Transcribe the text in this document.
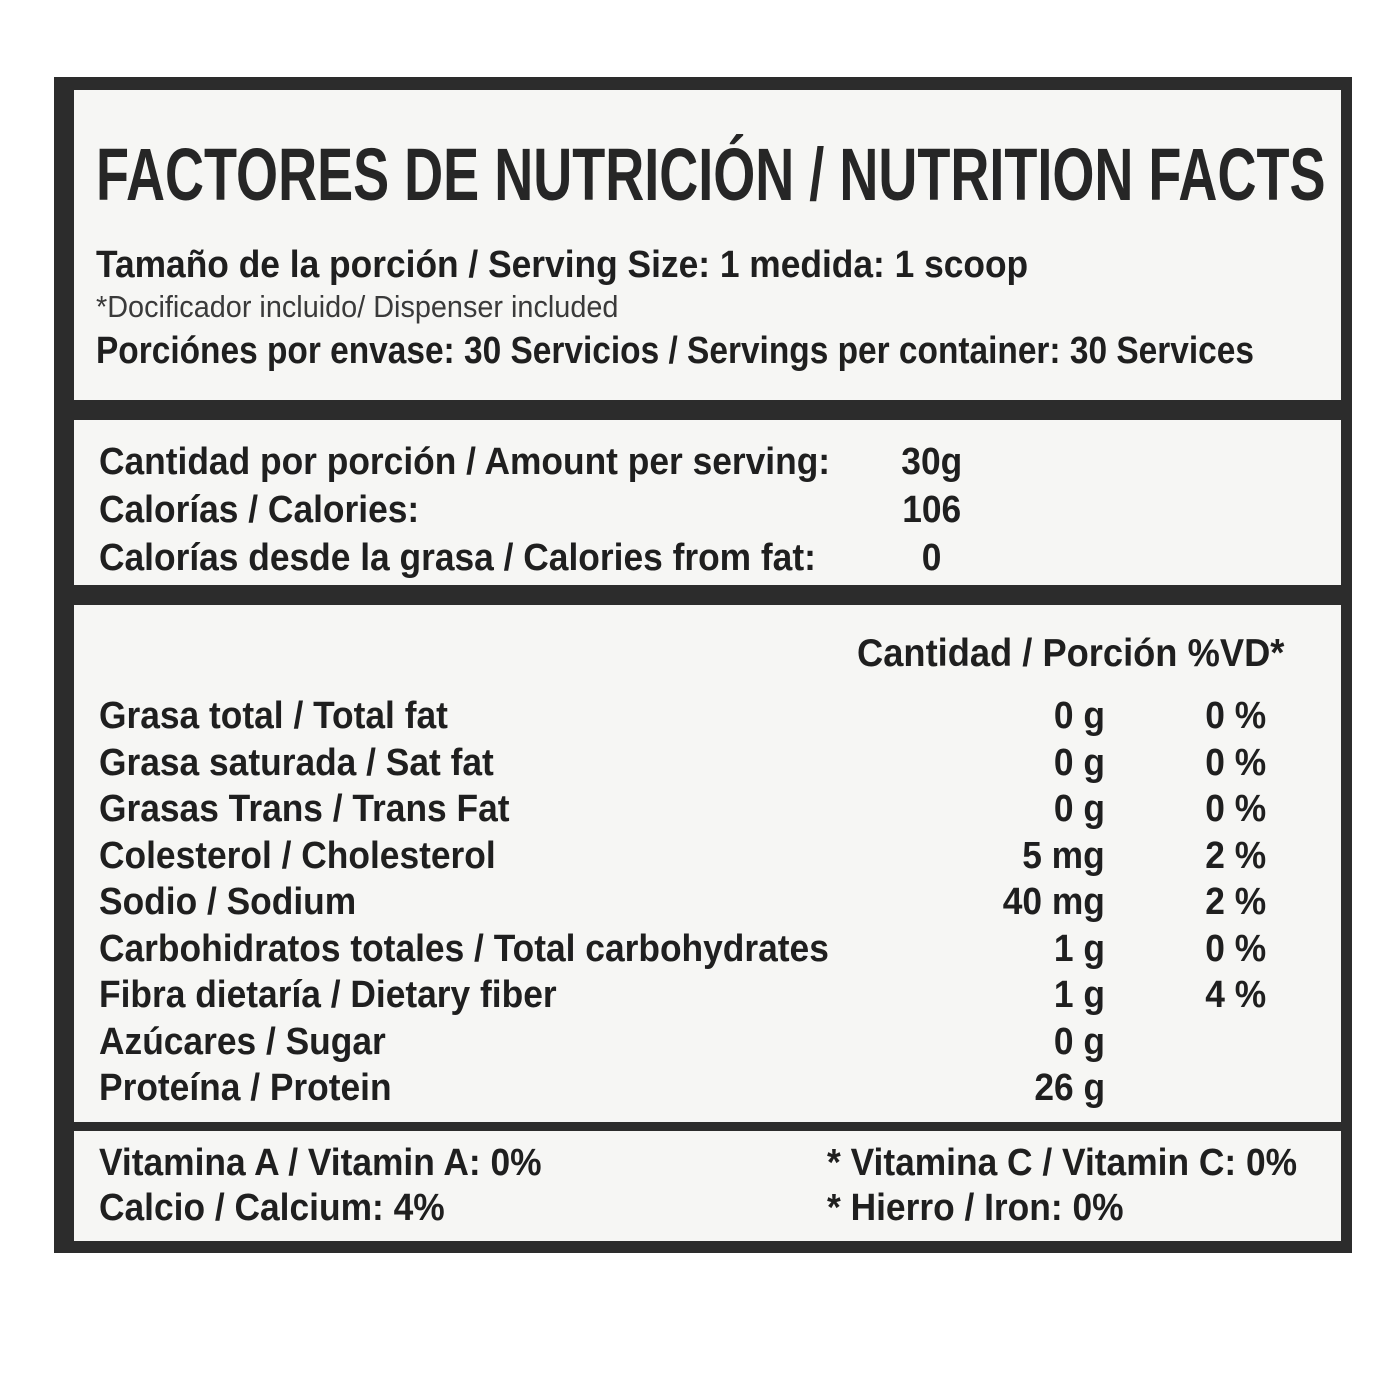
FACTORES DE NUTRICIÓN / NUTRITION FACTS
Tamaño de la porción / Serving Size: 1 medida: 1 scoop
*Docificador incluido/ Dispenser included
Porciónes por envase: 30 Servicios / Servings per container: 30 Services
Cantidad por porción / Amount per serving:	30g
Calorías / Calories:	106
Calorías desde la grasa / Calories from fat:	0
Cantidad / Porción %VD*
Grasa total / Total fat	0 g	0 %
Grasa saturada / Sat fat	0 g	0 %
Grasas Trans / Trans Fat	0 g	0 %
Colesterol / Cholesterol	5 mg	2 %
Sodio / Sodium	40 mg	2 %
Carbohidratos totales / Total carbohydrates	1 g	0 %
Fibra dietaría / Dietary fiber	1 g	4 %
Azúcares / Sugar	0 g
Proteína / Protein	26 g
Vitamina A / Vitamin A: 0%	* Vitamina C / Vitamin C: 0%
Calcio / Calcium: 4%	* Hierro / Iron: 0%
